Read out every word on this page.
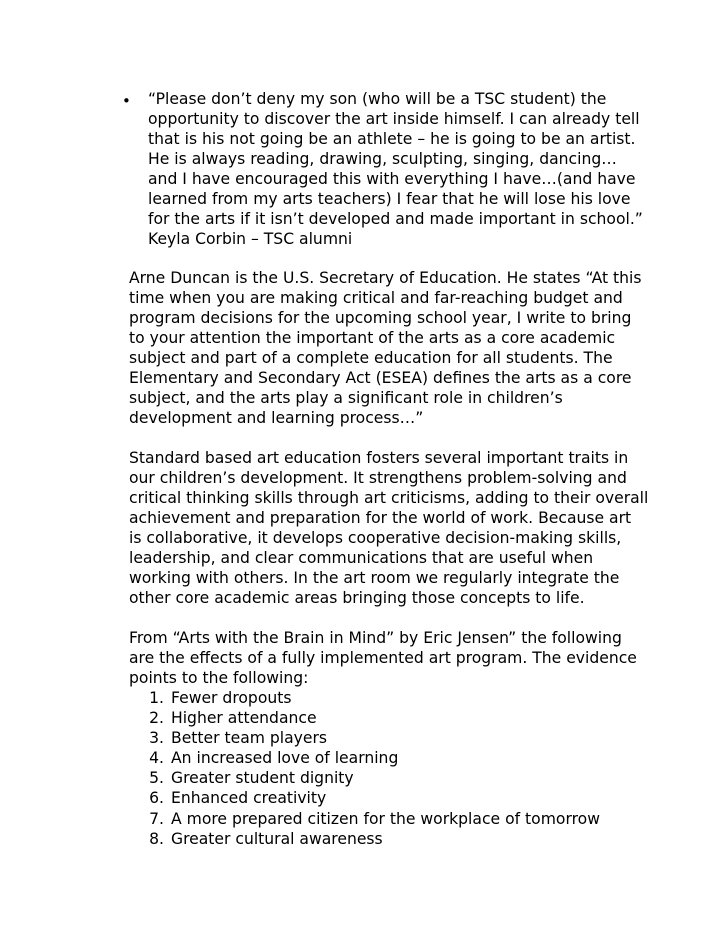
• “Please don’t deny my son (who will be a TSC student) the

opportunity to discover the art inside himself. I can already tell

that is his not going be an athlete – he is going to be an artist.

He is always reading, drawing, sculpting, singing, dancing…

and I have encouraged this with everything I have…(and have

learned from my arts teachers) I fear that he will lose his love

for the arts if it isn’t developed and made important in school.”

Keyla Corbin – TSC alumni

Arne Duncan is the U.S. Secretary of Education. He states “At this

time when you are making critical and far-reaching budget and

program decisions for the upcoming school year, I write to bring

to your attention the important of the arts as a core academic

subject and part of a complete education for all students. The

Elementary and Secondary Act (ESEA) defines the arts as a core

subject, and the arts play a significant role in children’s

development and learning process…”

Standard based art education fosters several important traits in

our children’s development. It strengthens problem-solving and

critical thinking skills through art criticisms, adding to their overall

achievement and preparation for the world of work. Because art

is collaborative, it develops cooperative decision-making skills,

leadership, and clear communications that are useful when

working with others. In the art room we regularly integrate the

other core academic areas bringing those concepts to life.

From “Arts with the Brain in Mind” by Eric Jensen” the following

are the effects of a fully implemented art program. The evidence

points to the following:

1. Fewer dropouts

2. Higher attendance

3. Better team players

4. An increased love of learning

5. Greater student dignity

6. Enhanced creativity

7. A more prepared citizen for the workplace of tomorrow

8. Greater cultural awareness
